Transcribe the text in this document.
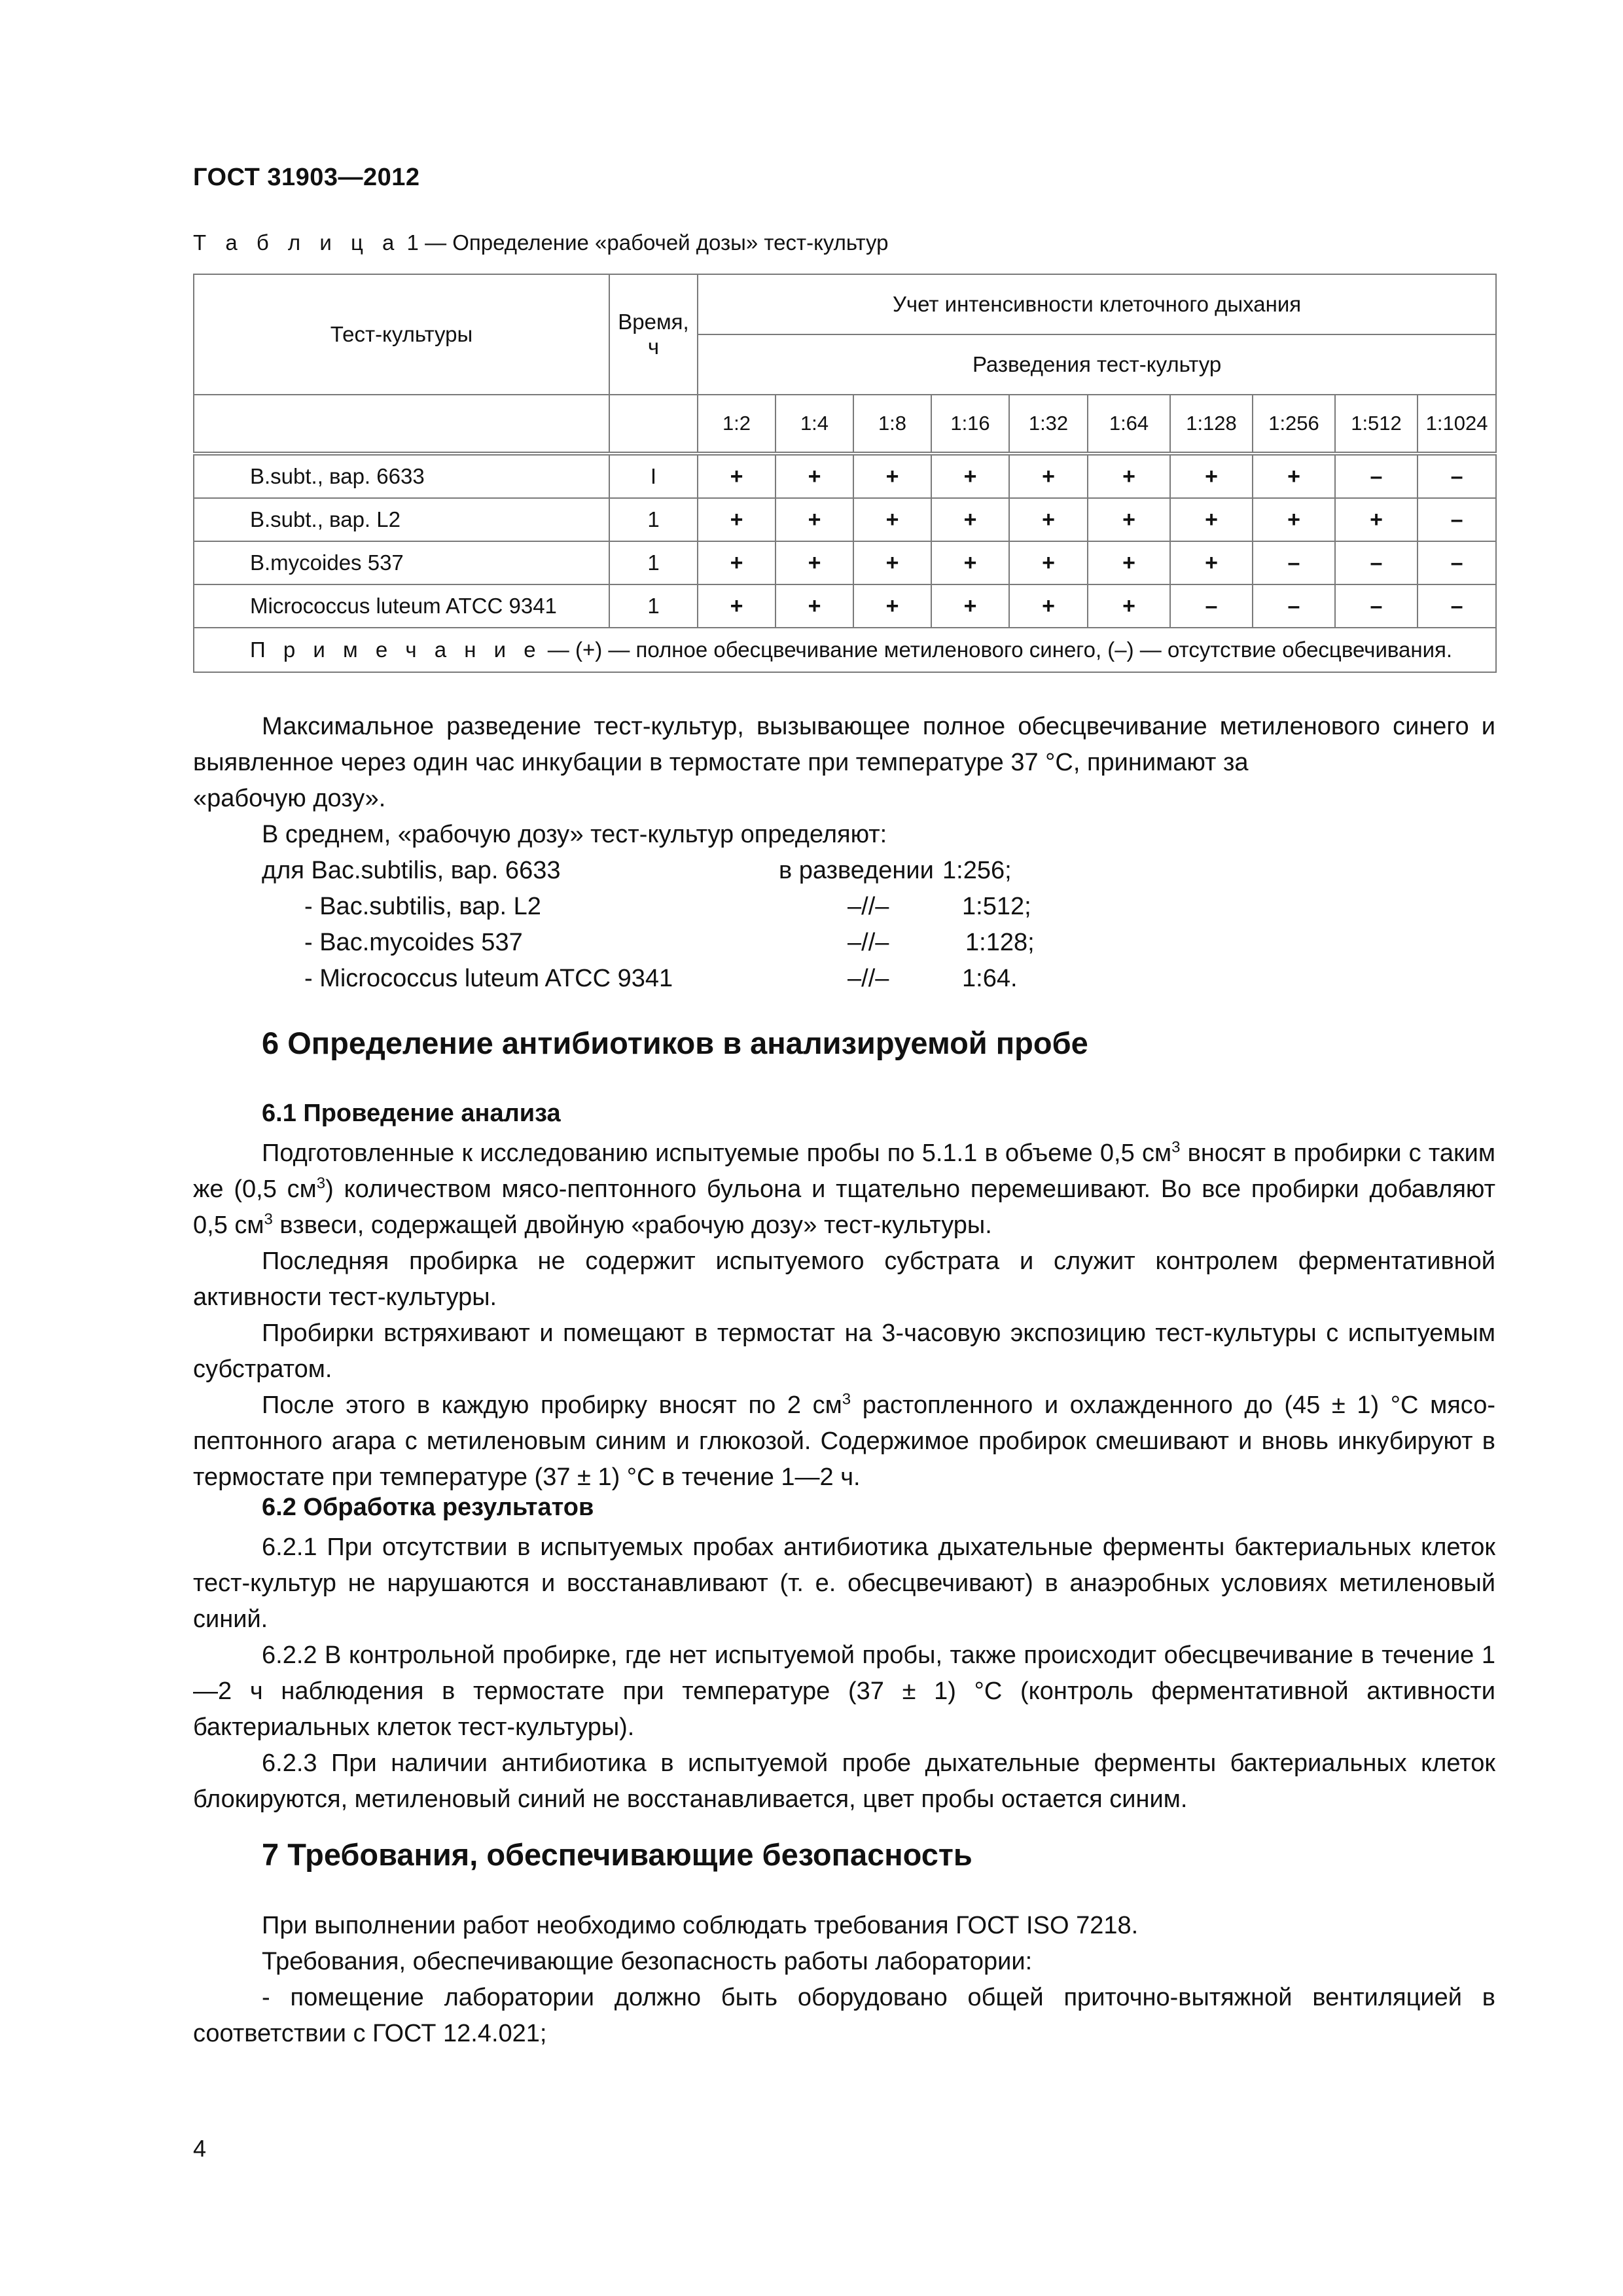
ГОСТ 31903—2012
Т а б л и ц а 1 — Определение «рабочей дозы» тест-культур
Тест-культуры	Время, ч	Учет интенсивности клеточного дыхания									
		Разведения тест-культур									
		1:2	1:4	1:8	1:16	1:32	1:64	1:128	1:256	1:512	1:1024
B.subt., вар. 6633	I	+	+	+	+	+	+	+	+	–	–
B.subt., вар. L2	1	+	+	+	+	+	+	+	+	+	–
B.mycoides 537	1	+	+	+	+	+	+	+	–	–	–
Micrococcus luteum ATCC 9341	1	+	+	+	+	+	+	–	–	–	–
П р и м е ч а н и е — (+) — полное обесцвечивание метиленового синего, (–) — отсутствие обесцвечивания.											

Максимальное разведение тест-культур, вызывающее полное обесцвечивание метиленового синего и выявленное через один час инкубации в термостате при температуре 37 °С, принимают за

«рабочую дозу».

В среднем, «рабочую дозу» тест-культур определяют:

для Bac.subtilis, вар. 6633	в разведении 1:256;
- Bac.subtilis, вар. L2	–//–	1:512;
- Bac.mycoides 537	–//–	1:128;
- Micrococcus luteum ATCC 9341	–//–	1:64.
6 Определение антибиотиков в анализируемой пробе
6.1 Проведение анализа

Подготовленные к исследованию испытуемые пробы по 5.1.1 в объеме 0,5 $см^3$ вносят в пробирки с таким же (0,5 $см^3$) количеством мясо-пептонного бульона и тщательно перемешивают. Во все пробирки добавляют 0,5 $см^3$ взвеси, содержащей двойную «рабочую дозу» тест-культуры.

Последняя пробирка не содержит испытуемого субстрата и служит контролем ферментативной активности тест-культуры.

Пробирки встряхивают и помещают в термостат на 3-часовую экспозицию тест-культуры с испытуемым субстратом.

После этого в каждую пробирку вносят по 2 $см^3$ растопленного и охлажденного до (45 ± 1) °С мясо-пептонного агара с метиленовым синим и глюкозой. Содержимое пробирок смешивают и вновь инкубируют в термостате при температуре (37 ± 1) °С в течение 1—2 ч.

6.2 Обработка результатов

6.2.1 При отсутствии в испытуемых пробах антибиотика дыхательные ферменты бактериальных клеток тест-культур не нарушаются и восстанавливают (т. е. обесцвечивают) в анаэробных условиях метиленовый синий.

6.2.2 В контрольной пробирке, где нет испытуемой пробы, также происходит обесцвечивание в течение 1—2 ч наблюдения в термостате при температуре (37 ± 1) °С (контроль ферментативной активности бактериальных клеток тест-культуры).

6.2.3 При наличии антибиотика в испытуемой пробе дыхательные ферменты бактериальных клеток блокируются, метиленовый синий не восстанавливается, цвет пробы остается синим.

7 Требования, обеспечивающие безопасность

При выполнении работ необходимо соблюдать требования ГОСТ ISO 7218.

Требования, обеспечивающие безопасность работы лаборатории:

- помещение лаборатории должно быть оборудовано общей приточно-вытяжной вентиляцией в соответствии с ГОСТ 12.4.021;

4
